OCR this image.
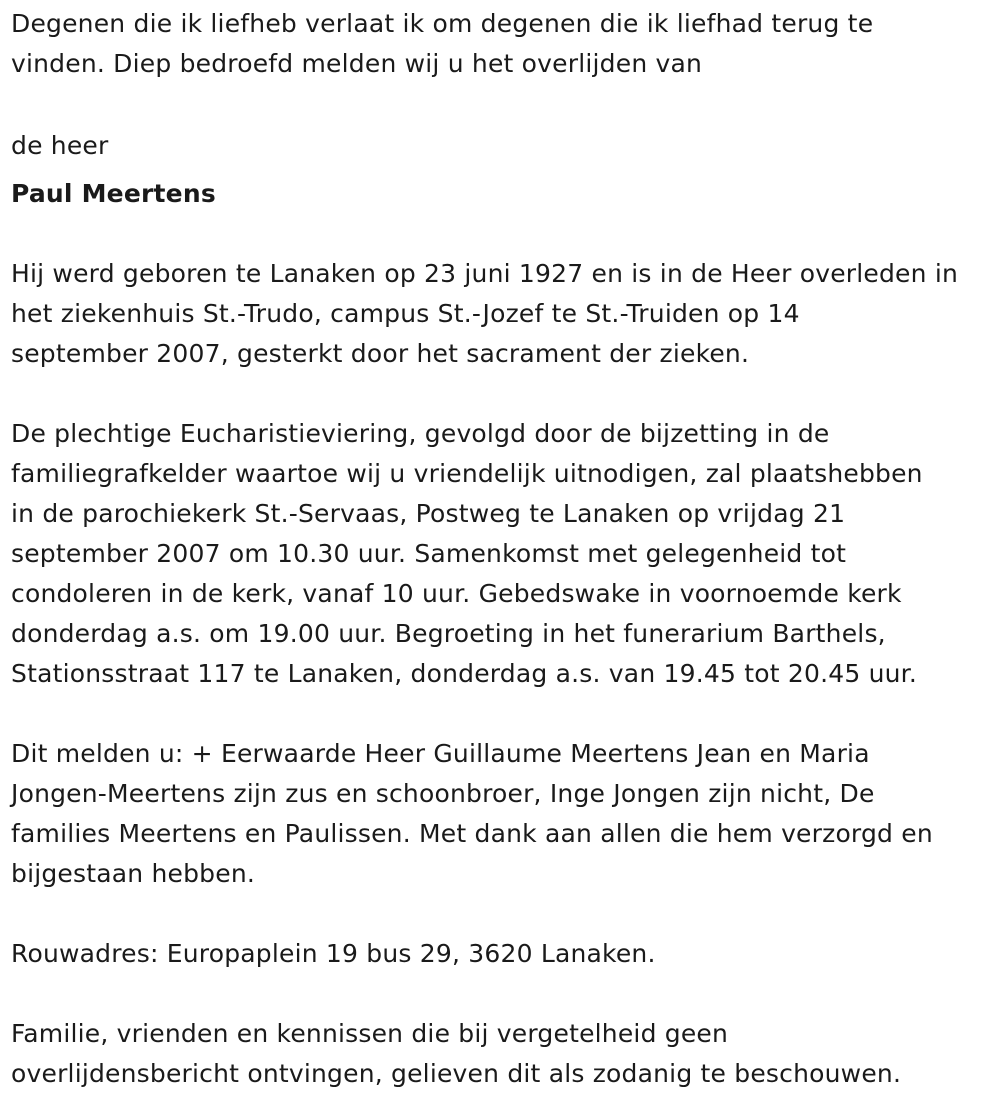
Degenen die ik liefheb verlaat ik om degenen die ik liefhad terug te
vinden. Diep bedroefd melden wij u het overlijden van

de heer

Paul Meertens

Hij werd geboren te Lanaken op 23 juni 1927 en is in de Heer overleden in
het ziekenhuis St.-Trudo, campus St.-Jozef te St.-Truiden op 14
september 2007, gesterkt door het sacrament der zieken.

De plechtige Eucharistieviering, gevolgd door de bijzetting in de
familiegrafkelder waartoe wij u vriendelijk uitnodigen, zal plaatshebben
in de parochiekerk St.-Servaas, Postweg te Lanaken op vrijdag 21
september 2007 om 10.30 uur. Samenkomst met gelegenheid tot
condoleren in de kerk, vanaf 10 uur. Gebedswake in voornoemde kerk
donderdag a.s. om 19.00 uur. Begroeting in het funerarium Barthels,
Stationsstraat 117 te Lanaken, donderdag a.s. van 19.45 tot 20.45 uur.

Dit melden u: + Eerwaarde Heer Guillaume Meertens Jean en Maria
Jongen-Meertens zijn zus en schoonbroer, Inge Jongen zijn nicht, De
families Meertens en Paulissen. Met dank aan allen die hem verzorgd en
bijgestaan hebben.

Rouwadres: Europaplein 19 bus 29, 3620 Lanaken.

Familie, vrienden en kennissen die bij vergetelheid geen
overlijdensbericht ontvingen, gelieven dit als zodanig te beschouwen.
